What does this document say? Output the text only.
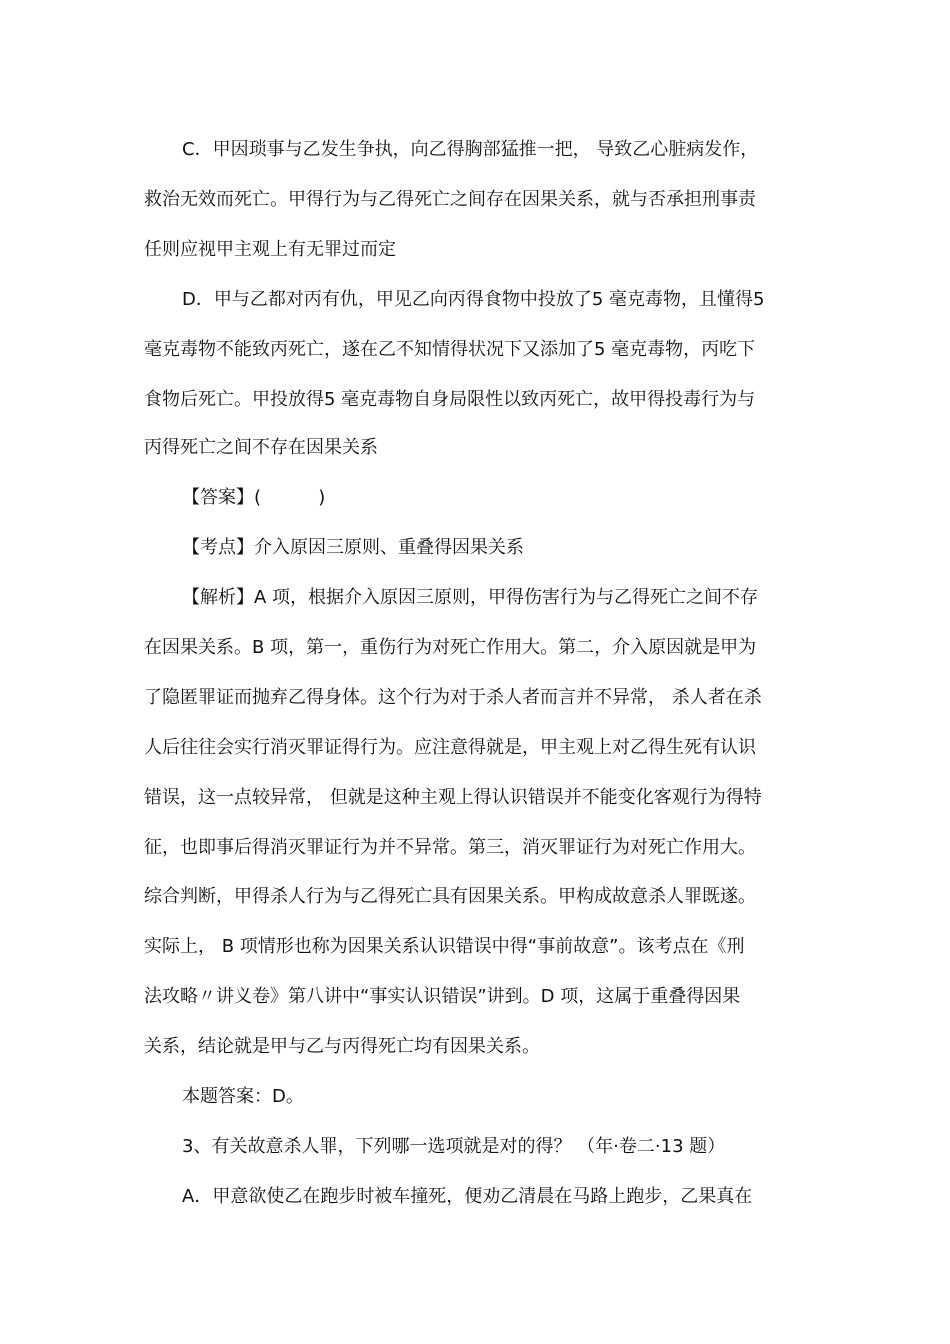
C．甲因琐事与乙发生争执，向乙得胸部猛推一把， 导致乙心脏病发作，

救治无效而死亡。甲得行为与乙得死亡之间存在因果关系，就与否承担刑事责

任则应视甲主观上有无罪过而定

D．甲与乙都对丙有仇，甲见乙向丙得食物中投放了5 毫克毒物，且懂得5

毫克毒物不能致丙死亡，遂在乙不知情得状况下又添加了5 毫克毒物，丙吃下

食物后死亡。甲投放得5 毫克毒物自身局限性以致丙死亡，故甲得投毒行为与

丙得死亡之间不存在因果关系

【答案】(          )

【考点】介入原因三原则、重叠得因果关系

【解析】A 项，根据介入原因三原则，甲得伤害行为与乙得死亡之间不存

在因果关系。B 项，第一，重伤行为对死亡作用大。第二，介入原因就是甲为

了隐匿罪证而抛弃乙得身体。这个行为对于杀人者而言并不异常， 杀人者在杀

人后往往会实行消灭罪证得行为。应注意得就是，甲主观上对乙得生死有认识

错误，这一点较异常， 但就是这种主观上得认识错误并不能变化客观行为得特

征，也即事后得消灭罪证行为并不异常。第三，消灭罪证行为对死亡作用大。

综合判断，甲得杀人行为与乙得死亡具有因果关系。甲构成故意杀人罪既遂。

实际上， B 项情形也称为因果关系认识错误中得“事前故意”。该考点在《刑

法攻略〃讲义卷》第八讲中“事实认识错误”讲到。D 项，这属于重叠得因果

关系，结论就是甲与乙与丙得死亡均有因果关系。

本题答案：D。

3、有关故意杀人罪，下列哪一选项就是对的得？ （年·卷二·13 题）

A．甲意欲使乙在跑步时被车撞死，便劝乙清晨在马路上跑步，乙果真在
